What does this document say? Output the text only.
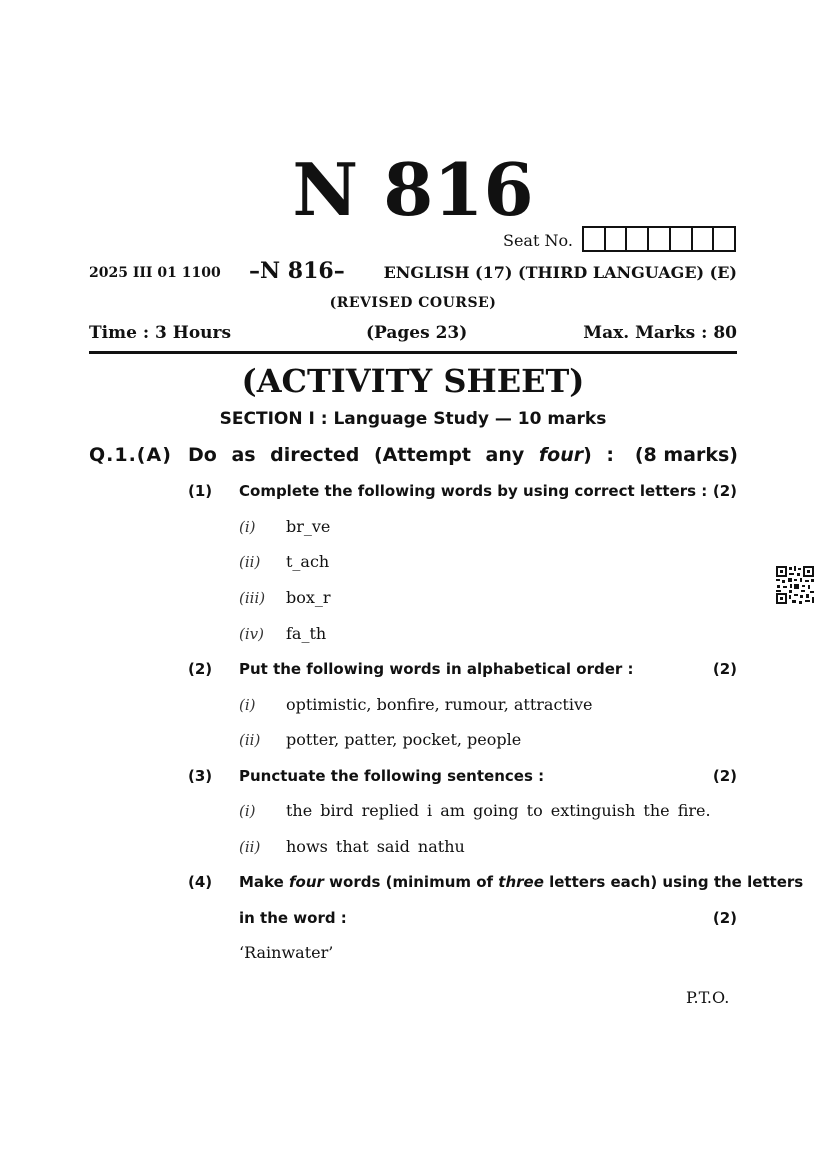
N 816
Seat No.
2025 III 01 1100 –N 816– ENGLISH (17) (THIRD LANGUAGE) (E)
(REVISED COURSE)
Time : 3 Hours	(Pages 23)	Max. Marks : 80
(ACTIVITY SHEET)
SECTION I : Language Study — 10 marks
Q.1.(A) Do as directed (Attempt any four) : (8 marks)
(1) Complete the following words by using correct letters : (2)
(i) br_ve
(ii) t_ach
(iii) box_r
(iv) fa_th
(2) Put the following words in alphabetical order :	(2)
(i) optimistic, bonfire, rumour, attractive
(ii) potter, patter, pocket, people
(3) Punctuate the following sentences :	(2)
(i) the bird replied i am going to extinguish the fire.
(ii) hows that said nathu
(4) Make four words (minimum of three letters each) using the letters
in the word :	(2)
‘Rainwater’
P.T.O.
